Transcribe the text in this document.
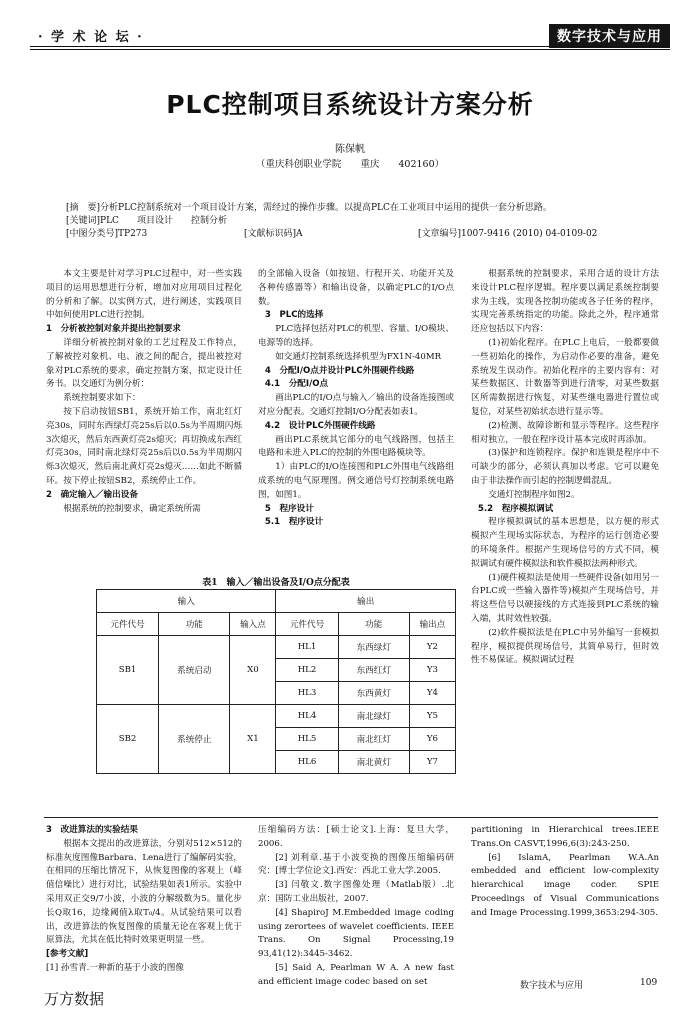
· 学 术 论 坛 ·	数字技术与应用
PLC控制项目系统设计方案分析
陈保帆
（重庆科创职业学院　　重庆　　402160）
[摘　要]分析PLC控制系统对一个项目设计方案，需经过的操作步骤。以提高PLC在工业项目中运用的提供一套分析思路。
[关键词]PLC　　项目设计　　控制分析
[中图分类号]TP273	[文献标识码]A	[文章编号]1007-9416 (2010) 04-0109-02

本文主要是针对学习PLC过程中，对一些实践项目的运用思想进行分析，增加对应用项目过程化的分析和了解。以实例方式，进行阐述，实践项目中如何使用PLC进行控制。

1　分析被控制对象并提出控制要求

详细分析被控制对象的工艺过程及工作特点，了解被控对象机、电、液之间的配合，提出被控对象对PLC系统的要求，确定控制方案，拟定设计任务书。以交通灯为例分析：

系统控制要求如下：

按下启动按钮SB1，系统开始工作，南北红灯亮30s，同时东西绿灯亮25s后以0.5s为半周期闪烁3次熄灭，然后东西黄灯亮2s熄灭；再切换成东西红灯亮30s，同时南北绿灯亮25s后以0.5s为半周期闪烁3次熄灭，然后南北黄灯亮2s熄灭……如此不断循环。按下停止按钮SB2，系统停止工作。

2　确定输入／输出设备

根据系统的控制要求，确定系统所需

的全部输入设备（如按钮、行程开关、功能开关及各种传感器等）和输出设备，以确定PLC的I/O点数。

3　PLC的选择

PLC选择包括对PLC的机型、容量、I/O模块、电源等的选择。

如交通灯控制系统选择机型为FX1N-40MR

4　分配I/O点并设计PLC外围硬件线路

4.1　分配I/O点

画出PLC的I/O点与输入／输出的设备连接图或对应分配表。交通灯控制I/O分配表如表1。

4.2　设计PLC外围硬件线路

画出PLC系统其它部分的电气线路图，包括主电路和未进入PLC的控制的外围电路模块等。

1）由PLC的I/O连接图和PLC外围电气线路组成系统的电气原理图。例交通信号灯控制系统电路图，如图1。

5　程序设计

5.1　程序设计

根据系统的控制要求，采用合适的设计方法来设计PLC程序逻辑。程序要以满足系统控制要求为主线，实现各控制功能或各子任务的程序，实现完善系统指定的功能。除此之外，程序通常还应包括以下内容：

(1)初始化程序。在PLC上电后，一般都要做一些初始化的操作，为启动作必要的准备，避免系统发生误动作。初始化程序的主要内容有：对某些数据区、计数器等到进行清零，对某些数据区所需数据进行恢复，对某些继电器进行置位或复位，对某些初始状态进行显示等。

(2)检测、故障诊断和显示等程序。这些程序相对独立，一般在程序设计基本完成时再添加。

(3)保护和连锁程序。保护和连锁是程序中不可缺少的部分，必须认真加以考虑。它可以避免由于非法操作而引起的控制逻辑混乱。

交通灯控制程序如图2。

5.2　程序模拟调试

程序模拟调试的基本思想是，以方便的形式模拟产生现场实际状态，为程序的运行创造必要的环境条件。根据产生现场信号的方式不同，模拟调试有硬件模拟法和软件模拟法两种形式。

(1)硬件模拟法是使用一些硬件设备(如用另一台PLC或一些输入器件等)模拟产生现场信号，并将这些信号以硬接线的方式连接到PLC系统的输入端，其时效性较强。

(2)软件模拟法是在PLC中另外编写一套模拟程序，模拟提供现场信号，其简单易行，但时效性不易保证。模拟调试过程

表1　输入／输出设备及I/O点分配表
输入			输出		
元件代号	功能	输入点	元件代号	功能	输出点
SB1	系统启动	X0	HL1	东西绿灯	Y2
			HL2	东西红灯	Y3
			HL3	东西黄灯	Y4
SB2	系统停止	X1	HL4	南北绿灯	Y5
			HL5	南北红灯	Y6
			HL6	南北黄灯	Y7

3　改进算法的实验结果

根据本文提出的改进算法，分别对512×512的标准灰度图像Barbara、Lena进行了编解码实验，在相同的压缩比情况下，从恢复图像的客观上（峰值信噪比）进行对比，试验结果如表1所示。实验中采用双正交9/7小波，小波的分解级数为5。量化步长Q取16，边缘阈值λ取T₀/4。从试验结果可以看出，改进算法的恢复图像的质量无论在客观上优于原算法，尤其在低比特时效果更明显一些。

[参考文献]

[1] 孙雪青.一种新的基于小波的图像

压缩编码方法：[硕士论文].上海：复旦大学，2006.

[2] 刘利章.基于小波变换的图像压缩编码研究：[博士学位论文].西安：西北工业大学.2005.

[3] 闫敬文.数字图像处理（Matlab版）.北京：国防工业出版社，2007.

[4] ShapiroJ M.Embedded image coding using zerortees of wavelet coefficients. IEEE Trans. On Signal Processing,19 93,41(12):3445-3462.

[5] Said A, Pearlman W A. A new fast and efficient image codec based on set

partitioning in Hierarchical trees.IEEE Trans.On CASVT,1996,6(3):243-250.

[6] IslamA, Pearlman W.A.An embedded and efficient low-complexity hierarchical image coder. SPIE Proceedings of Visual Communications and Image Processing.1999,3653:294-305.

数字技术与应用	109
万方数据
